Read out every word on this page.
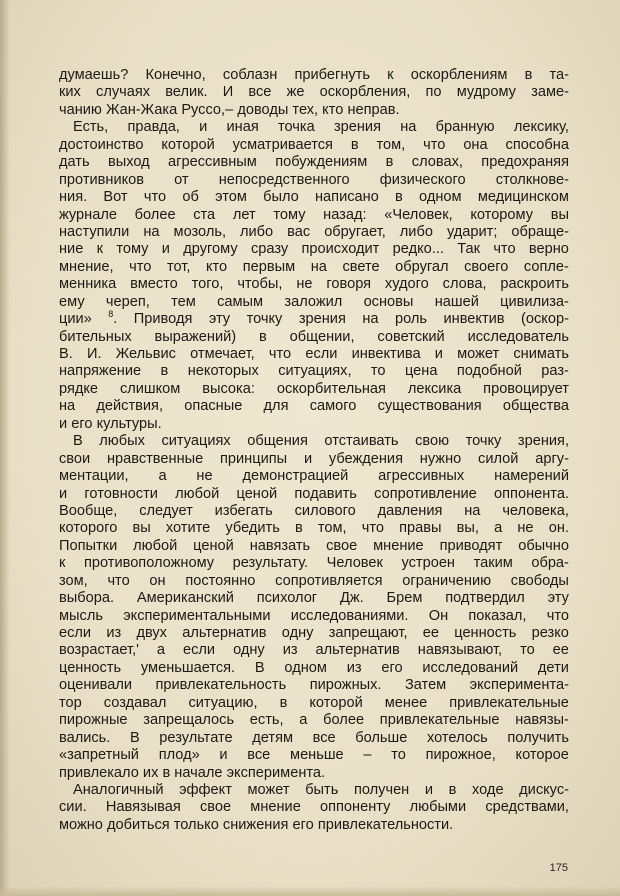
думаешь? Конечно, соблазн прибегнуть к оскорблениям в та-
ких случаях велик. И все же оскорбления, по мудрому заме-
чанию Жан-Жака Руссо,– доводы тех, кто неправ.
Есть, правда, и иная точка зрения на бранную лексику,
достоинство которой усматривается в том, что она способна
дать выход агрессивным побуждениям в словах, предохраняя
противников от непосредственного физического столкнове-
ния. Вот что об этом было написано в одном медицинском
журнале более ста лет тому назад: «Человек, которому вы
наступили на мозоль, либо вас обругает, либо ударит; обраще-
ние к тому и другому сразу происходит редко... Так что верно
мнение, что тот, кто первым на свете обругал своего сопле-
менника вместо того, чтобы, не говоря худого слова, раскроить
ему череп, тем самым заложил основы нашей цивилиза-
ции» $^8$. Приводя эту точку зрения на роль инвектив (оскор-
бительных выражений) в общении, советский исследователь
В. И. Жельвис отмечает, что если инвектива и может снимать
напряжение в некоторых ситуациях, то цена подобной раз-
рядке слишком высока: оскорбительная лексика провоцирует
на действия, опасные для самого существования общества
и его культуры.
В любых ситуациях общения отстаивать свою точку зрения,
свои нравственные принципы и убеждения нужно силой аргу-
ментации, а не демонстрацией агрессивных намерений
и готовности любой ценой подавить сопротивление оппонента.
Вообще, следует избегать силового давления на человека,
которого вы хотите убедить в том, что правы вы, а не он.
Попытки любой ценой навязать свое мнение приводят обычно
к противоположному результату. Человек устроен таким обра-
зом, что он постоянно сопротивляется ограничению свободы
выбора. Американский психолог Дж. Брем подтвердил эту
мысль экспериментальными исследованиями. Он показал, что
если из двух альтернатив одну запрещают, ее ценность резко
возрастает,' а если одну из альтернатив навязывают, то ее
ценность уменьшается. В одном из его исследований дети
оценивали привлекательность пирожных. Затем эксперимента-
тор создавал ситуацию, в которой менее привлекательные
пирожные запрещалось есть, а более привлекательные навязы-
вались. В результате детям все больше хотелось получить
«запретный плод» и все меньше – то пирожное, которое
привлекало их в начале эксперимента.
Аналогичный эффект может быть получен и в ходе дискус-
сии. Навязывая свое мнение оппоненту любыми средствами,
можно добиться только снижения его привлекательности.
175
